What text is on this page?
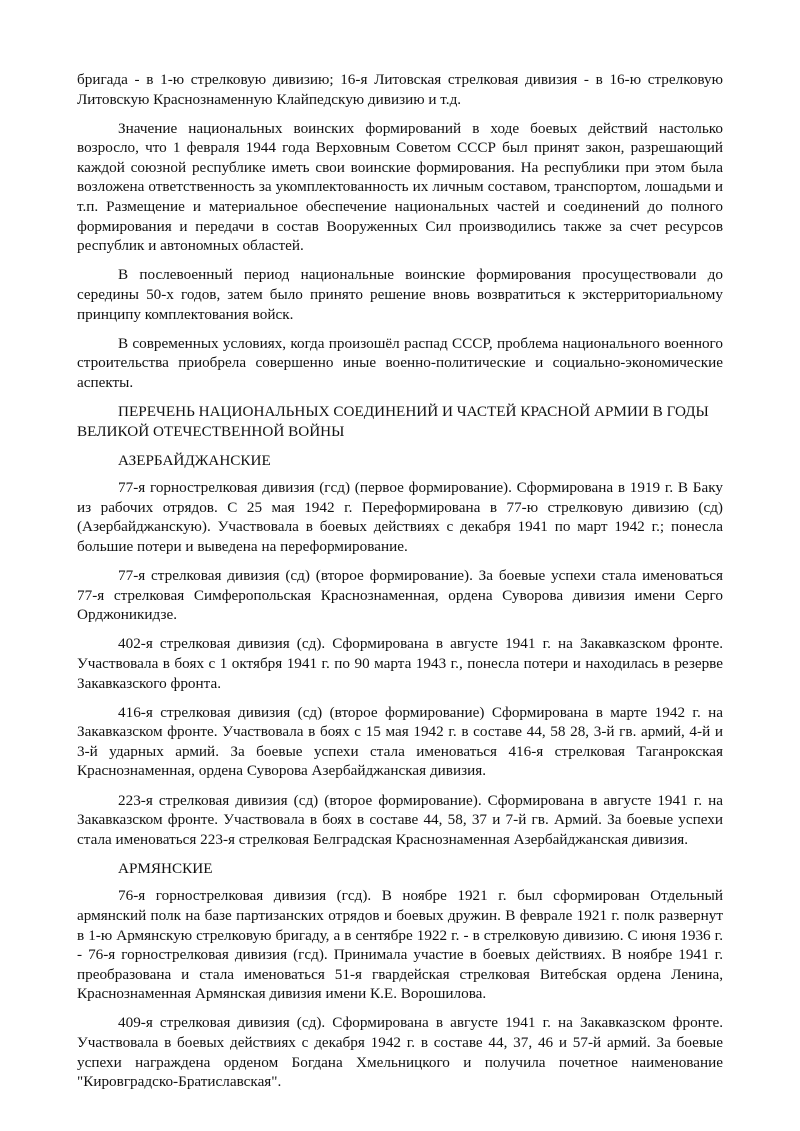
бригада - в 1-ю стрелковую дивизию; 16-я Литовская стрелковая дивизия - в 16-ю стрелковую Литовскую Краснознаменную Клайпедскую дивизию и т.д.

Значение национальных воинских формирований в ходе боевых действий настолько возросло, что 1 февраля 1944 года Верховным Советом СССР был принят закон, разрешающий каждой союзной республике иметь свои воинские формирования. На республики при этом была возложена ответственность за укомплектованность их личным составом, транспортом, лошадьми и т.п. Размещение и материальное обеспечение национальных частей и соединений до полного формирования и передачи в состав Вооруженных Сил производились также за счет ресурсов республик и автономных областей.

В послевоенный период национальные воинские формирования просуществовали до середины 50-х годов, затем было принято решение вновь возвратиться к экстерриториальному принципу комплектования войск.

В современных условиях, когда произошёл распад СССР, проблема национального военного строительства приобрела совершенно иные военно-политические и социально-экономические аспекты.

ПЕРЕЧЕНЬ НАЦИОНАЛЬНЫХ СОЕДИНЕНИЙ И ЧАСТЕЙ КРАСНОЙ АРМИИ В ГОДЫ ВЕЛИКОЙ ОТЕЧЕСТВЕННОЙ ВОЙНЫ

АЗЕРБАЙДЖАНСКИЕ

77-я горнострелковая дивизия (гсд) (первое формирование). Сформирована в 1919 г. В Баку из рабочих отрядов. С 25 мая 1942 г. Переформирована в 77-ю стрелковую дивизию (сд) (Азербайджанскую). Участвовала в боевых действиях с декабря 1941 по март 1942 г.; понесла большие потери и выведена на переформирование.

77-я стрелковая дивизия (сд) (второе формирование). За боевые успехи стала именоваться 77-я стрелковая Симферопольская Краснознаменная, ордена Суворова дивизия имени Серго Орджоникидзе.

402-я стрелковая дивизия (сд). Сформирована в августе 1941 г. на Закавказском фронте. Участвовала в боях с 1 октября 1941 г. по 90 марта 1943 г., понесла потери и находилась в резерве Закавказского фронта.

416-я стрелковая дивизия (сд) (второе формирование) Сформирована в марте 1942 г. на Закавказском фронте. Участвовала в боях с 15 мая 1942 г. в составе 44, 58 28, 3-й гв. армий, 4-й и 3-й ударных армий. За боевые успехи стала именоваться 416-я стрелковая Таганрокская Краснознаменная, ордена Суворова Азербайджанская дивизия.

223-я стрелковая дивизия (сд) (второе формирование). Сформирована в августе 1941 г. на Закавказском фронте. Участвовала в боях в составе 44, 58, 37 и 7-й гв. Армий. За боевые успехи стала именоваться 223-я стрелковая Белградская Краснознаменная Азербайджанская дивизия.

АРМЯНСКИЕ

76-я горнострелковая дивизия (гсд). В ноябре 1921 г. был сформирован Отдельный армянский полк на базе партизанских отрядов и боевых дружин. В феврале 1921 г. полк развернут в 1-ю Армянскую стрелковую бригаду, а в сентябре 1922 г. - в стрелковую дивизию. С июня 1936 г. - 76-я горнострелковая дивизия (гсд). Принимала участие в боевых действиях. В ноябре 1941 г. преобразована и стала именоваться 51-я гвардейская стрелковая Витебская ордена Ленина, Краснознаменная Армянская дивизия имени К.Е. Ворошилова.

409-я стрелковая дивизия (сд). Сформирована в августе 1941 г. на Закавказском фронте. Участвовала в боевых действиях с декабря 1942 г. в составе 44, 37, 46 и 57-й армий. За боевые успехи награждена орденом Богдана Хмельницкого и получила почетное наименование "Кировградско-Братиславская".
